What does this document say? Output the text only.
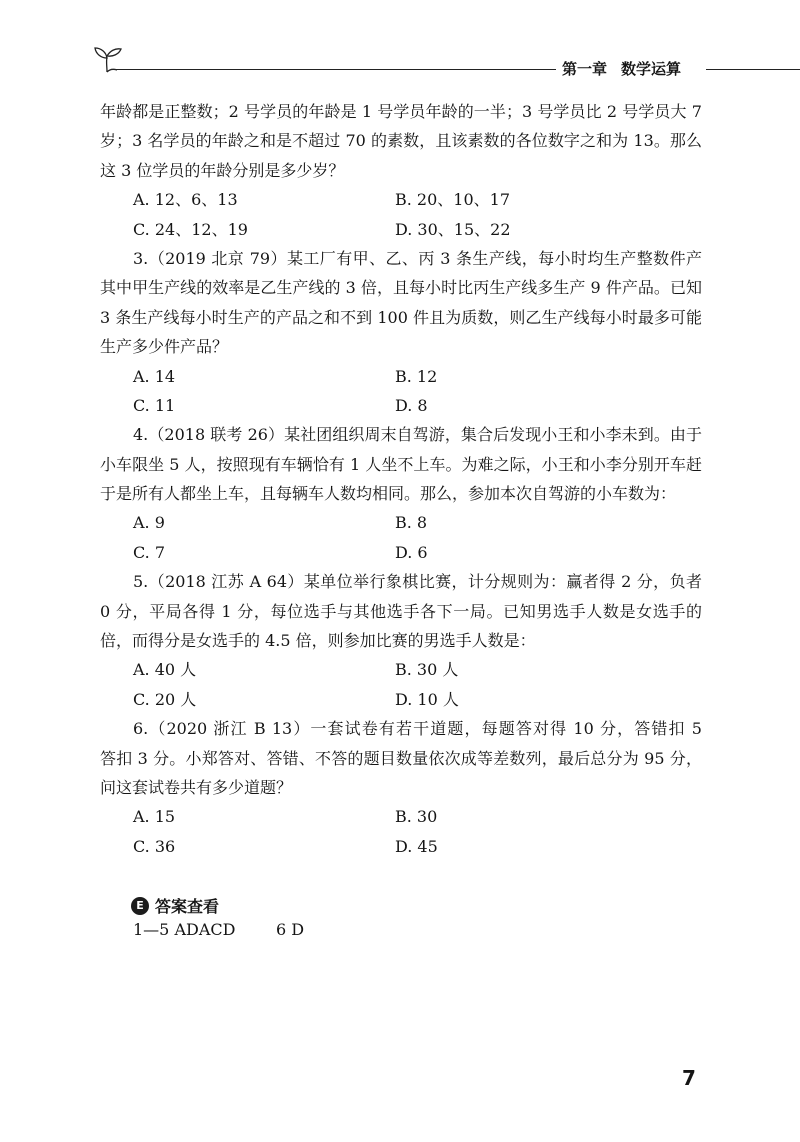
第一章 数学运算
年龄都是正整数；2 号学员的年龄是 1 号学员年龄的一半；3 号学员比 2 号学员大 7
岁；3 名学员的年龄之和是不超过 70 的素数，且该素数的各位数字之和为 13。那么
这 3 位学员的年龄分别是多少岁？
A. 12、6、13	B. 20、10、17
C. 24、12、19	D. 30、15、22
3.（2019 北京 79）某工厂有甲、乙、丙 3 条生产线，每小时均生产整数件产
其中甲生产线的效率是乙生产线的 3 倍，且每小时比丙生产线多生产 9 件产品。已知
3 条生产线每小时生产的产品之和不到 100 件且为质数，则乙生产线每小时最多可能
生产多少件产品？
A. 14	B. 12
C. 11	D. 8
4.（2018 联考 26）某社团组织周末自驾游，集合后发现小王和小李未到。由于
小车限坐 5 人，按照现有车辆恰有 1 人坐不上车。为难之际，小王和小李分别开车赶
于是所有人都坐上车，且每辆车人数均相同。那么，参加本次自驾游的小车数为：
A. 9	B. 8
C. 7	D. 6
5.（2018 江苏 A 64）某单位举行象棋比赛，计分规则为：赢者得 2 分，负者
0 分，平局各得 1 分，每位选手与其他选手各下一局。已知男选手人数是女选手的
倍，而得分是女选手的 4.5 倍，则参加比赛的男选手人数是：
A. 40 人	B. 30 人
C. 20 人	D. 10 人
6.（2020 浙江 B 13）一套试卷有若干道题，每题答对得 10 分，答错扣 5
答扣 3 分。小郑答对、答错、不答的题目数量依次成等差数列，最后总分为 95 分，
问这套试卷共有多少道题？
A. 15	B. 30
C. 36	D. 45
E 答案查看
1—5 ADACD	6 D
7
